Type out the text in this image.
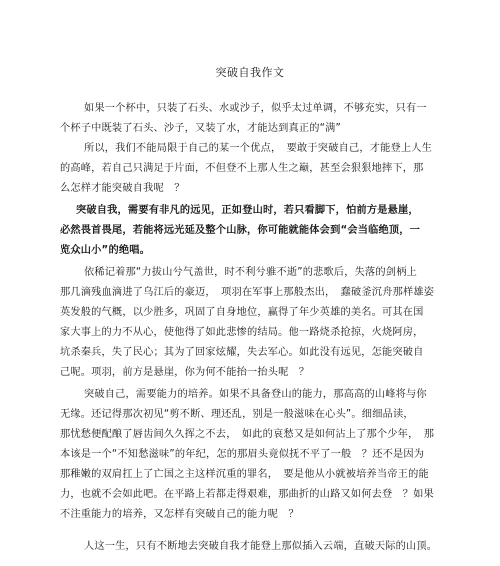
突破自我作文
如果一个杯中，只装了石头、水或沙子，似乎太过单调，不够充实，只有一
个杯子中既装了石头、沙子，又装了水，才能达到真正的“满”
所以，我们不能局限于自己的某一个优点，　要敢于突破自己，才能登上人生
的高峰，若自己只满足于片面，不但登不上那人生之巅，甚至会狠狠地摔下，那
么怎样才能突破自我呢　？
突破自我，需要有非凡的远见，正如登山时，若只看脚下，怕前方是悬崖，
必然畏首畏尾，若能将远光延及整个山脉，你可能就能体会到“会当临绝顶，一
览众山小”的绝唱。
依稀记着那“力拔山兮气盖世，时不利兮骓不逝”的悲歌后，失落的剑柄上
那几滴残血滴进了乌江后的豪迈，　项羽在军事上那般杰出，　蠢破釜沉舟那样雄姿
英发般的气概，以少胜多，巩固了自身地位，赢得了年少英雄的美名。可其在国
家大事上的力不从心，使他得了如此悲惨的结局。他一路烧杀抢掠，火烧阿房，
坑杀秦兵，失了民心；其为了回家炫耀，失去军心。如此没有远见，怎能突破自
己呢。项羽，前方是悬崖，你为何不能抬一抬头呢　？
突破自己，需要能力的培养。如果不具备登山的能力，那高高的山峰将与你
无缘。还记得那次初见“剪不断、理还乱，别是一般滋味在心头”。细细品读，
那忧愁便配酿了唇齿间久久挥之不去，　如此的哀愁又是如何沾上了那个少年，　那
本该是一个“不知愁滋味”的年纪，怎的那眉头竟似抚不平了一般　？还不是因为
那稚嫩的双肩扛上了亡国之主这样沉重的罪名，　要是他从小就被培养当帝王的能
力，也就不会如此吧。在平路上若都走得艰难，那曲折的山路又如何去登　？如果
不注重能力的培养，又怎样有突破自己的能力呢　？
人这一生，只有不断地去突破自我才能登上那似插入云端，直破天际的山顶。
